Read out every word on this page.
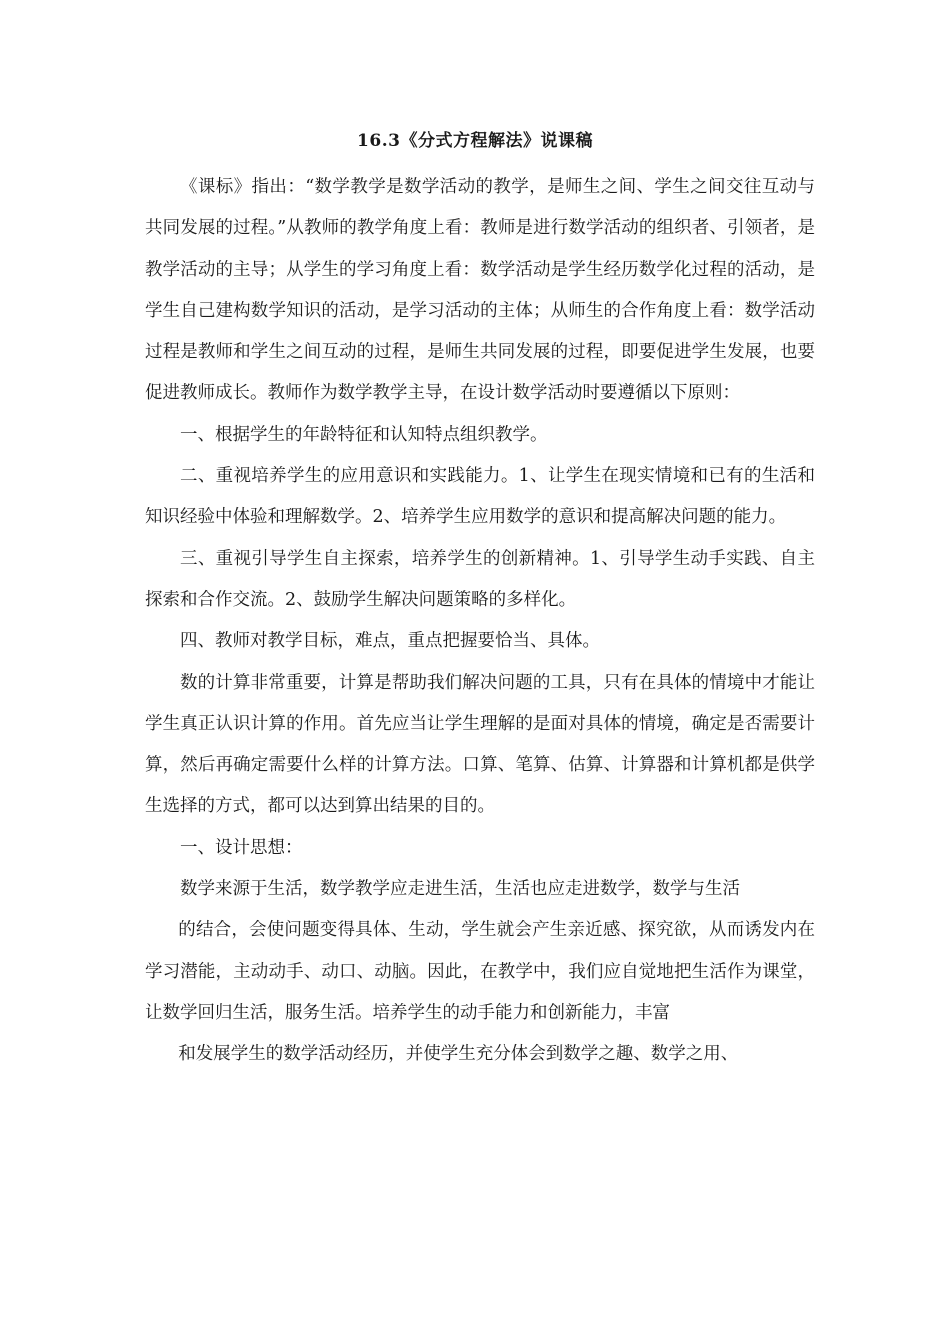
16.3《分式方程解法》说课稿

《课标》指出：“数学教学是数学活动的教学，是师生之间、学生之间交往互动与共同发展的过程。”从教师的教学角度上看：教师是进行数学活动的组织者、引领者，是教学活动的主导；从学生的学习角度上看：数学活动是学生经历数学化过程的活动，是学生自己建构数学知识的活动，是学习活动的主体；从师生的合作角度上看：数学活动过程是教师和学生之间互动的过程，是师生共同发展的过程，即要促进学生发展，也要促进教师成长。教师作为数学教学主导，在设计数学活动时要遵循以下原则：

一、根据学生的年龄特征和认知特点组织教学。

二、重视培养学生的应用意识和实践能力。1、让学生在现实情境和已有的生活和知识经验中体验和理解数学。2、培养学生应用数学的意识和提高解决问题的能力。

三、重视引导学生自主探索，培养学生的创新精神。1、引导学生动手实践、自主探索和合作交流。2、鼓励学生解决问题策略的多样化。

四、教师对教学目标，难点，重点把握要恰当、具体。

数的计算非常重要，计算是帮助我们解决问题的工具，只有在具体的情境中才能让学生真正认识计算的作用。首先应当让学生理解的是面对具体的情境，确定是否需要计算，然后再确定需要什么样的计算方法。口算、笔算、估算、计算器和计算机都是供学生选择的方式，都可以达到算出结果的目的。

一、设计思想：

数学来源于生活，数学教学应走进生活，生活也应走进数学，数学与生活

的结合，会使问题变得具体、生动，学生就会产生亲近感、探究欲，从而诱发内在学习潜能，主动动手、动口、动脑。因此，在教学中，我们应自觉地把生活作为课堂，让数学回归生活，服务生活。培养学生的动手能力和创新能力，丰富

和发展学生的数学活动经历，并使学生充分体会到数学之趣、数学之用、
